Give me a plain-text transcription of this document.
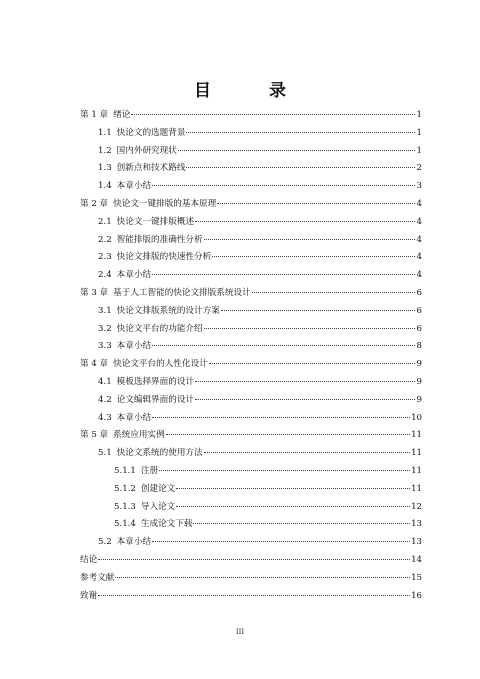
目 录
第 1 章 绪论	1
1.1 快论文的选题背景	1
1.2 国内外研究现状	1
1.3 创新点和技术路线	2
1.4 本章小结	3
第 2 章 快论文一键排版的基本原理	4
2.1 快论文一键排版概述	4
2.2 智能排版的准确性分析	4
2.3 快论文排版的快速性分析	4
2.4 本章小结	4
第 3 章 基于人工智能的快论文排版系统设计	6
3.1 快论文排版系统的设计方案	6
3.2 快论文平台的功能介绍	6
3.3 本章小结	8
第 4 章 快论文平台的人性化设计	9
4.1 模板选择界面的设计	9
4.2 论文编辑界面的设计	9
4.3 本章小结	10
第 5 章 系统应用实例	11
5.1 快论文系统的使用方法	11
5.1.1 注册	11
5.1.2 创建论文	11
5.1.3 导入论文	12
5.1.4 生成论文下载	13
5.2 本章小结	13
结论	14
参考文献	15
致谢	16
III
